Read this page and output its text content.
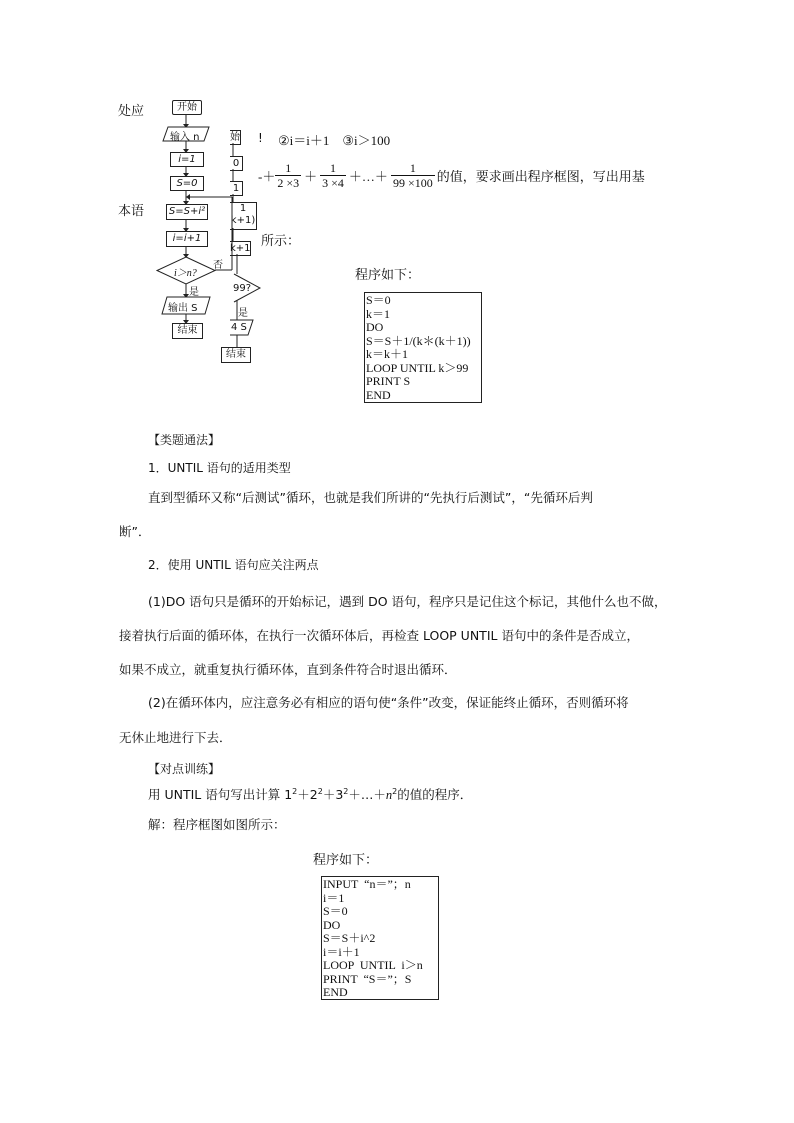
处应
本语
! ②i＝i＋1　③i＞100
‐＋ $\frac{1}{2 \times 3} + \frac{1}{3 \times 4}$ ＋…＋ $\frac{1}{99 \times 100}$ 的值，要求画出程序框图，写出用基
所示：
程序如下：
始
0
1
1
k+1)
k+1
99?
是
4 S
结束
开始
输入 n
i=1
S=0
S=S+i²
i=i+1
i＞n?
否
是
输出 S
结束
S＝0
k＝1
DO
S＝S＋1/(k＊(k＋1))
k＝k＋1
LOOP UNTIL k＞99
PRINT S
END
【类题通法】
1．UNTIL 语句的适用类型
直到型循环又称“后测试”循环，也就是我们所讲的“先执行后测试”，“先循环后判
断”．
2．使用 UNTIL 语句应关注两点
(1)DO 语句只是循环的开始标记，遇到 DO 语句，程序只是记住这个标记，其他什么也不做，
接着执行后面的循环体，在执行一次循环体后，再检查 LOOP UNTIL 语句中的条件是否成立，
如果不成立，就重复执行循环体，直到条件符合时退出循环．
(2)在循环体内，应注意务必有相应的语句使“条件”改变，保证能终止循环，否则循环将
无休止地进行下去．
【对点训练】
用 UNTIL 语句写出计算 $1^2+2^2+3^2+\dots+n^2$的值的程序．
解：程序框图如图所示：
程序如下：
INPUT  “n＝”；n
i＝1
S＝0
DO
S＝S＋i^2
i＝i＋1
LOOP  UNTIL  i＞n
PRINT  “S＝”；S
END
